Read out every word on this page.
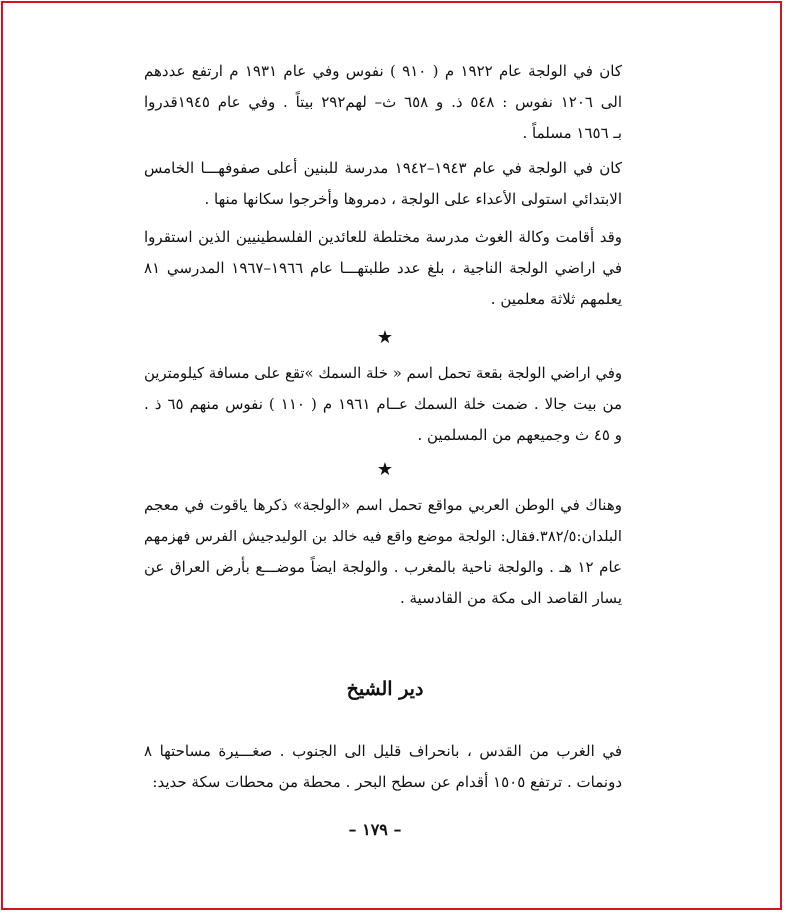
كان في الولجة عام ١٩٢٢ م ( ٩١٠ ) نفوس وفي عام ١٩٣١ م ارتفع عددهم
الى ١٢٠٦ نفوس : ٥٤٨ ذ. و ٦٥٨ ث– لهم٢٩٢ بيتاً . وفي عام ١٩٤٥قدروا
بـ ١٦٥٦ مسلماً .

كان في الولجة في عام ١٩٤٣–١٩٤٢ مدرسة للبنين أعلى صفوفهـــا الخامس
الابتدائي استولى الأعداء على الولجة ، دمروها وأخرجوا سكانها منها .

وقد أقامت وكالة الغوث مدرسة مختلطة للعائدين الفلسطينيين الذين استقروا
في اراضي الولجة الناجية ، بلغ عدد طلبتهـــا عام ١٩٦٦–١٩٦٧ المدرسي ٨١
يعلمهم ثلاثة معلمين .

★

وفي اراضي الولجة بقعة تحمل اسم « خلة السمك »تقع على مسافة كيلومترين
من بيت جالا . ضمت خلة السمك عــام ١٩٦١ م ( ١١٠ ) نفوس منهم ٦٥ ذ .
و ٤٥ ث وجميعهم من المسلمين .

★

وهناك في الوطن العربي مواقع تحمل اسم «الولجة» ذكرها ياقوت في معجم
البلدان:٣٨٢/٥.فقال: الولجة موضع واقع فيه خالد بن الوليدجيش الفرس فهزمهم
عام ١٢ هـ . والولجة ناحية بالمغرب . والولجة ايضاً موضـــع بأرض العراق عن
يسار القاصد الى مكة من القادسية .

دير الشيخ

في الغرب من القدس ، بانحراف قليل الى الجنوب . صغـــيرة مساحتها ٨
دونمات . ترتفع ١٥٠٥ أقدام عن سطح البحر . محطة من محطات سكة حديد:

– ١٧٩ –
